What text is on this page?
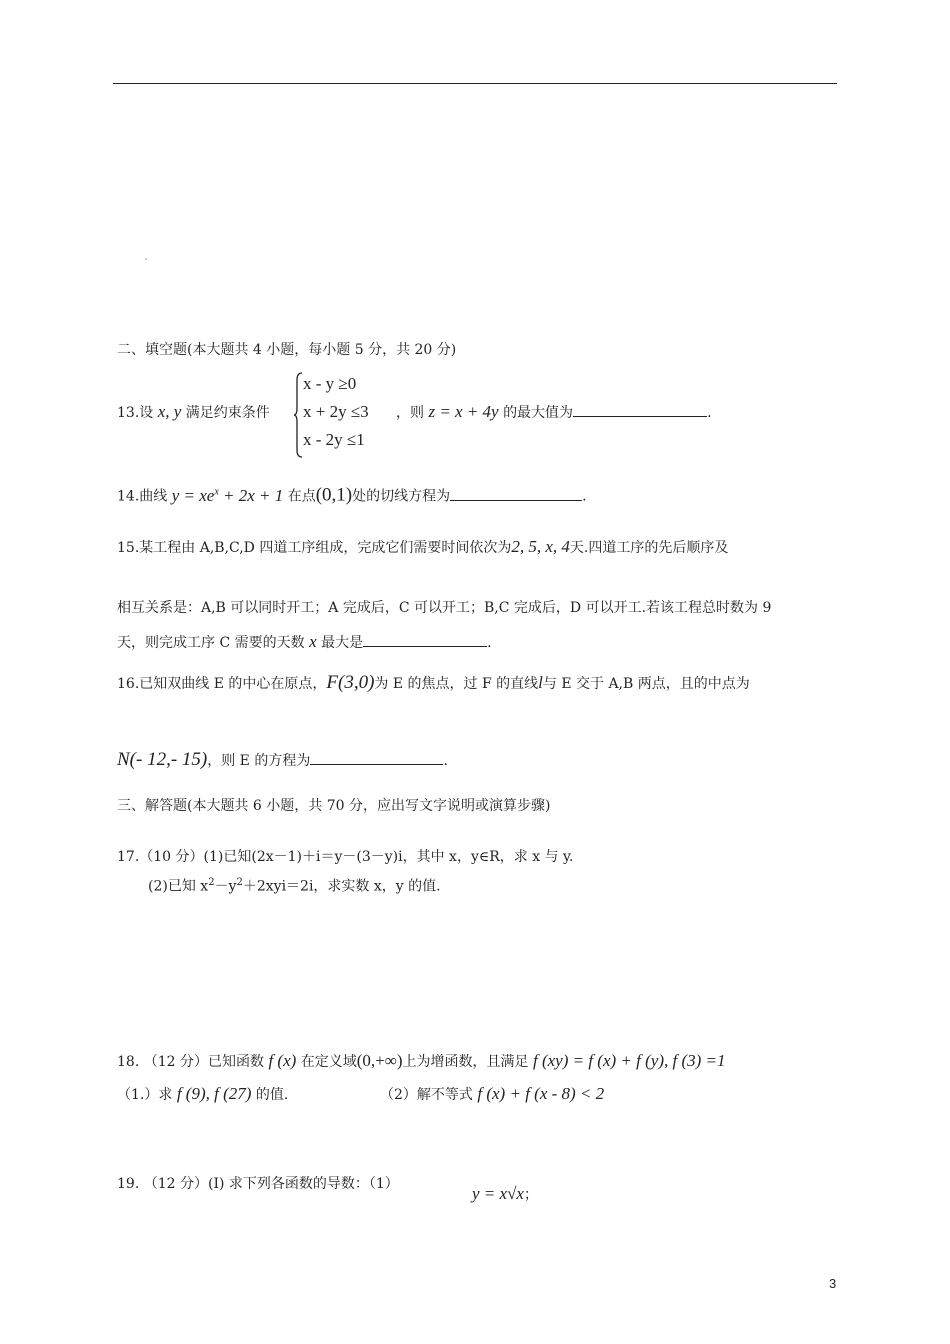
二、填空题(本大题共 4 小题，每小题 5 分，共 20 分)
13.设 x, y 满足约束条件
x - y ≥0
x + 2y ≤3
x - 2y ≤1
，则 z = x + 4y 的最大值为	.
14.曲线 $y = xe^x + 2x + 1$ 在点(0,1)处的切线方程为	.
15.某工程由 A,B,C,D 四道工序组成，完成它们需要时间依次为2, 5, x, 4天.四道工序的先后顺序及
相互关系是：A,B 可以同时开工；A 完成后，C 可以开工；B,C 完成后，D 可以开工.若该工程总时数为 9
天，则完成工序 C 需要的天数 x 最大是	.
16.已知双曲线 E 的中心在原点，F(3,0)为 E 的焦点，过 F 的直线l与 E 交于 A,B 两点，且的中点为
N(- 12,- 15)，则 E 的方程为	.
三、解答题(本大题共 6 小题，共 70 分，应出写文字说明或演算步骤)
17.（10 分）(1)已知(2x－1)＋i＝y－(3－y)i，其中 x，y∈R，求 x 与 y.
(2)已知 $x^2-y^2+2xyi=2i$，求实数 x，y 的值.
18. （12 分）已知函数 f (x) 在定义域(0,+∞)上为增函数，且满足 f (xy) = f (x) + f (y), f (3) =1
（1.）求 f (9), f (27) 的值.	（2）解不等式 f (x) + f (x - 8) < 2
19. （12 分）(Ⅰ) 求下列各函数的导数：（1）	y = x√x；
3
